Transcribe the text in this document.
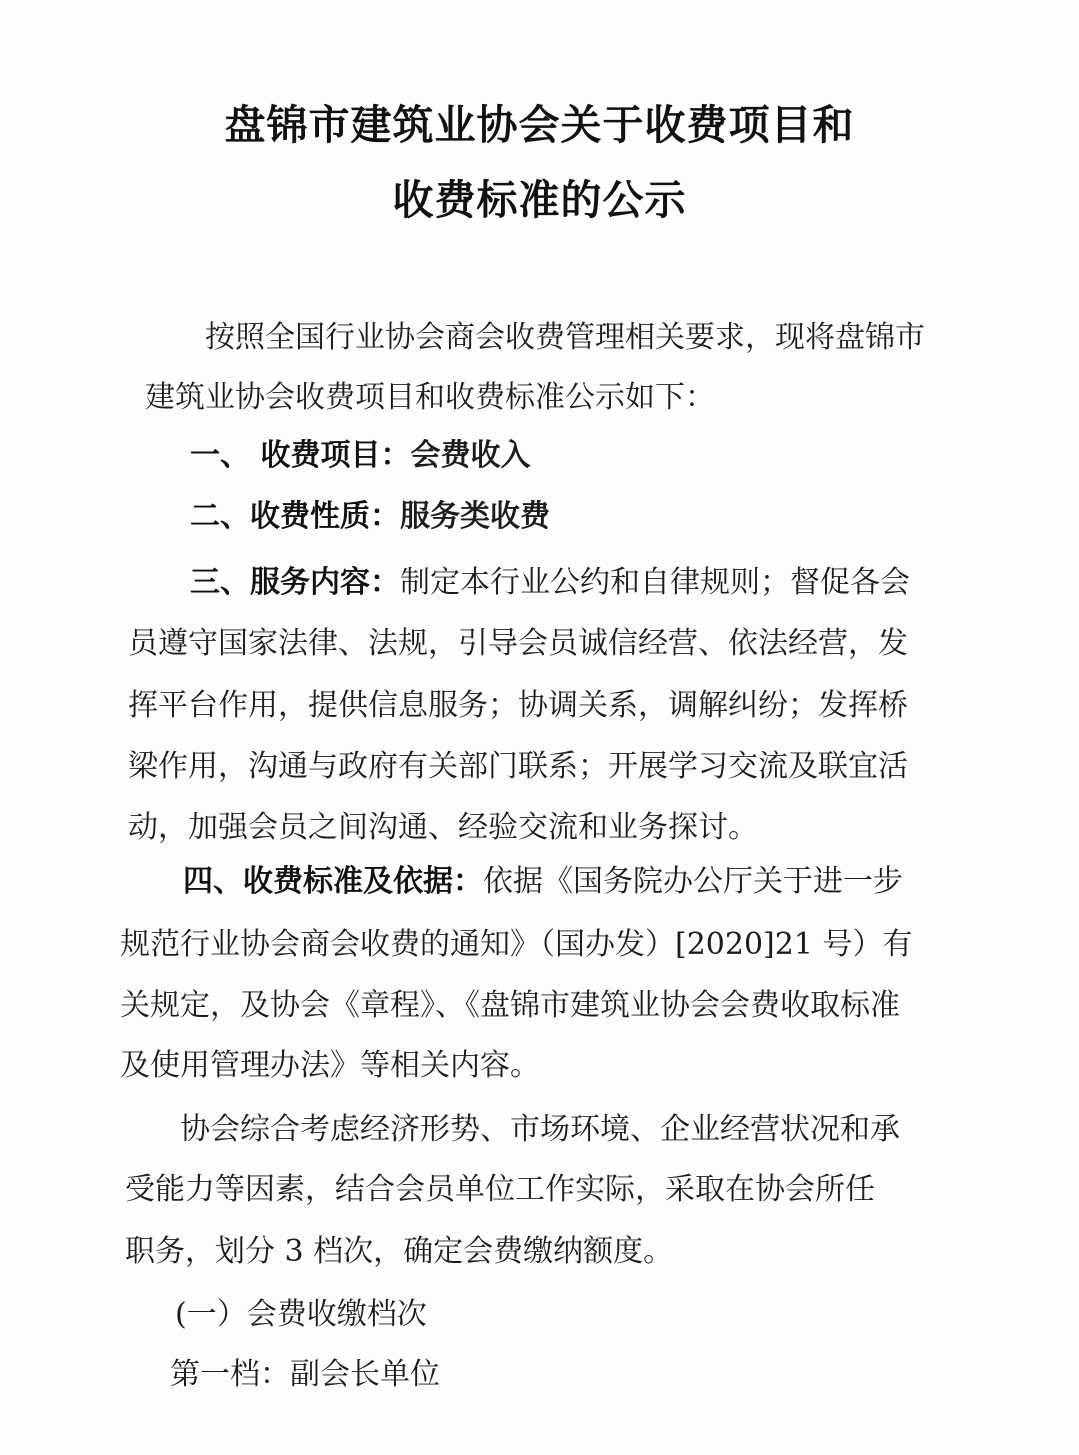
盘锦市建筑业协会关于收费项目和
收费标准的公示
按照全国行业协会商会收费管理相关要求，现将盘锦市
建筑业协会收费项目和收费标准公示如下：
一、 收费项目：会费收入
二、收费性质：服务类收费
三、服务内容：制定本行业公约和自律规则；督促各会
员遵守国家法律、法规，引导会员诚信经营、依法经营，发
挥平台作用，提供信息服务；协调关系，调解纠纷；发挥桥
梁作用，沟通与政府有关部门联系；开展学习交流及联宜活
动，加强会员之间沟通、经验交流和业务探讨。
四、收费标准及依据：依据《国务院办公厅关于进一步
规范行业协会商会收费的通知》（国办发）[2020]21 号）有
关规定，及协会《章程》、《盘锦市建筑业协会会费收取标准
及使用管理办法》等相关内容。
协会综合考虑经济形势、市场环境、企业经营状况和承
受能力等因素，结合会员单位工作实际，采取在协会所任
职务，划分 3 档次，确定会费缴纳额度。
(一）会费收缴档次
第一档：副会长单位
